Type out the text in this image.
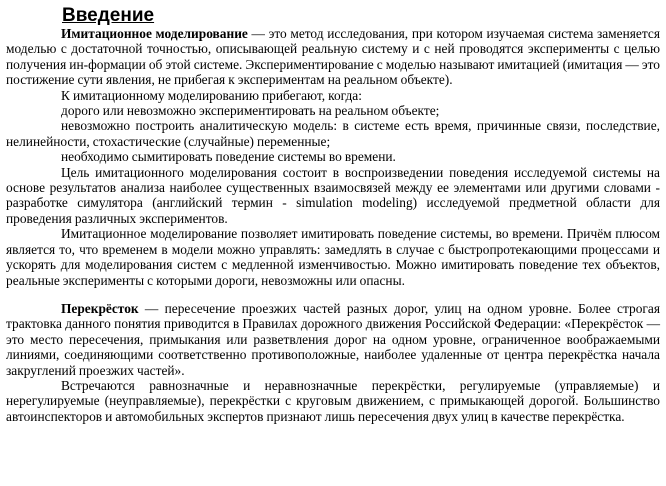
Введение

Имитационное моделирование — это метод исследования, при котором изучаемая система заменяется моделью с достаточной точностью, описывающей реальную систему и с ней проводятся эксперименты с целью получения ин-формации об этой системе. Экспериментирование с моделью называют имитацией (имитация — это постижение сути явления, не прибегая к экспериментам на реальном объекте).

К имитационному моделированию прибегают, когда:

дорого или невозможно экспериментировать на реальном объекте;

невозможно построить аналитическую модель: в системе есть время, причинные связи, последствие, нелинейности, стохастические (случайные) переменные;

необходимо сымитировать поведение системы во времени.

Цель имитационного моделирования состоит в воспроизведении поведения исследуемой системы на основе результатов анализа наиболее существенных взаимосвязей между ее элементами или другими словами - разработке симулятора (английский термин - simulation modeling) исследуемой предметной области для проведения различных экспериментов.

Имитационное моделирование позволяет имитировать поведение системы, во времени. Причём плюсом является то, что временем в модели можно управлять: замедлять в случае с быстропротекающими процессами и ускорять для моделирования систем с медленной изменчивостью. Можно имитировать поведение тех объектов, реальные эксперименты с которыми дороги, невозможны или опасны.

Перекрёсток — пересечение проезжих частей разных дорог, улиц на одном уровне. Более строгая трактовка данного понятия приводится в Правилах дорожного движения Российской Федерации: «Перекрёсток — это место пересечения, примыкания или разветвления дорог на одном уровне, ограниченное воображаемыми линиями, соединяющими соответственно противоположные, наиболее удаленные от центра перекрёстка начала закруглений проезжих частей».

Встречаются равнозначные и неравнозначные перекрёстки, регулируемые (управляемые) и нерегулируемые (неуправляемые), перекрёстки с круговым движением, с примыкающей дорогой. Большинство автоинспекторов и автомобильных экспертов признают лишь пересечения двух улиц в качестве перекрёстка.
